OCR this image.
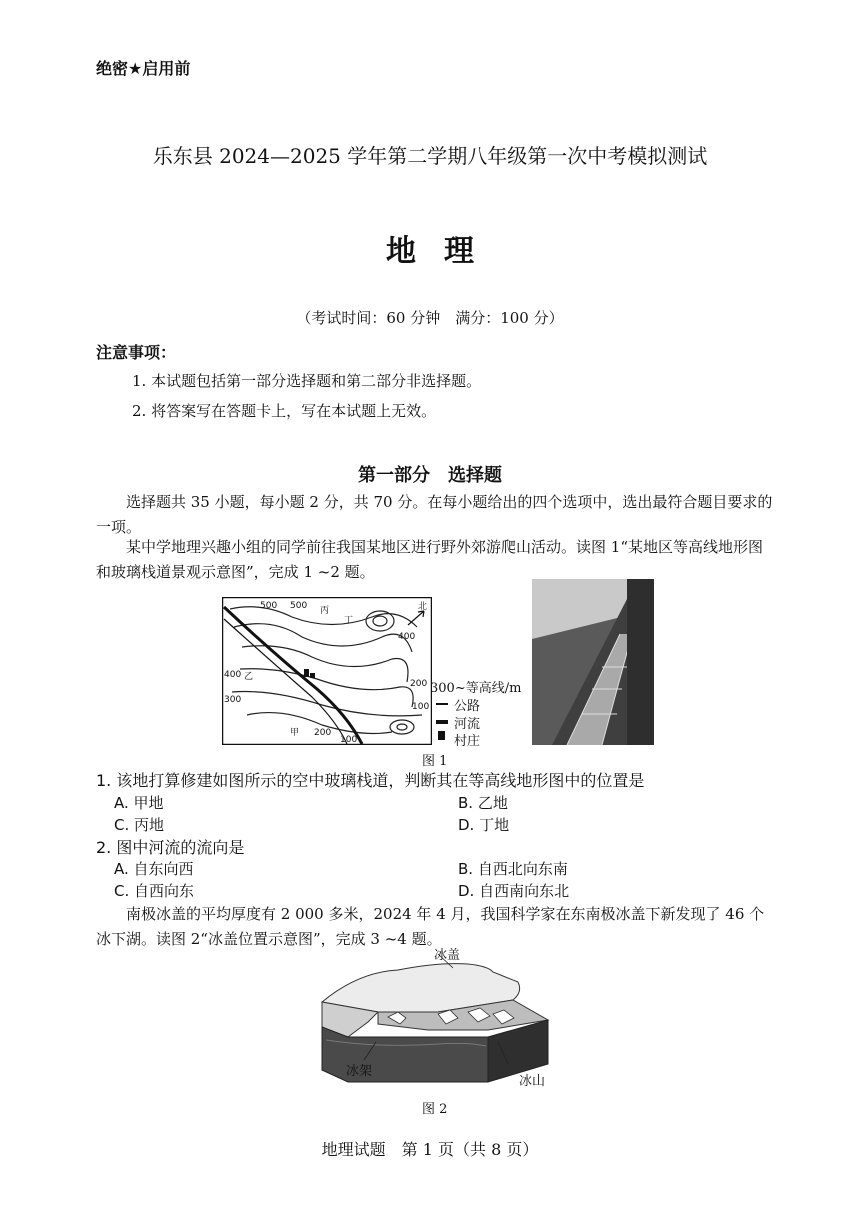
绝密★启用前
乐东县 2024—2025 学年第二学期八年级第一次中考模拟测试
地理
（考试时间：60 分钟　满分：100 分）
注意事项：
1. 本试题包括第一部分选择题和第二部分非选择题。
2. 将答案写在答题卡上，写在本试题上无效。
第一部分　选择题
选择题共 35 小题，每小题 2 分，共 70 分。在每小题给出的四个选项中，选出最符合题目要求的一项。
某中学地理兴趣小组的同学前往我国某地区进行野外郊游爬山活动。读图 1“某地区等高线地形图和玻璃栈道景观示意图”，完成 1 ~2 题。
500 500 丙
丁
400
400 乙
300
200
100
200
100
甲
北
300~等高线/m
公路
河流
村庄
图 1
1. 该地打算修建如图所示的空中玻璃栈道，判断其在等高线地形图中的位置是
A. 甲地	B. 乙地
C. 丙地	D. 丁地
2. 图中河流的流向是
A. 自东向西	B. 自西北向东南
C. 自西向东	D. 自西南向东北
南极冰盖的平均厚度有 2 000 多米，2024 年 4 月，我国科学家在东南极冰盖下新发现了 46 个冰下湖。读图 2“冰盖位置示意图”，完成 3 ~4 题。
冰盖
冰架
冰山
图 2
地理试题　第 1 页（共 8 页）
